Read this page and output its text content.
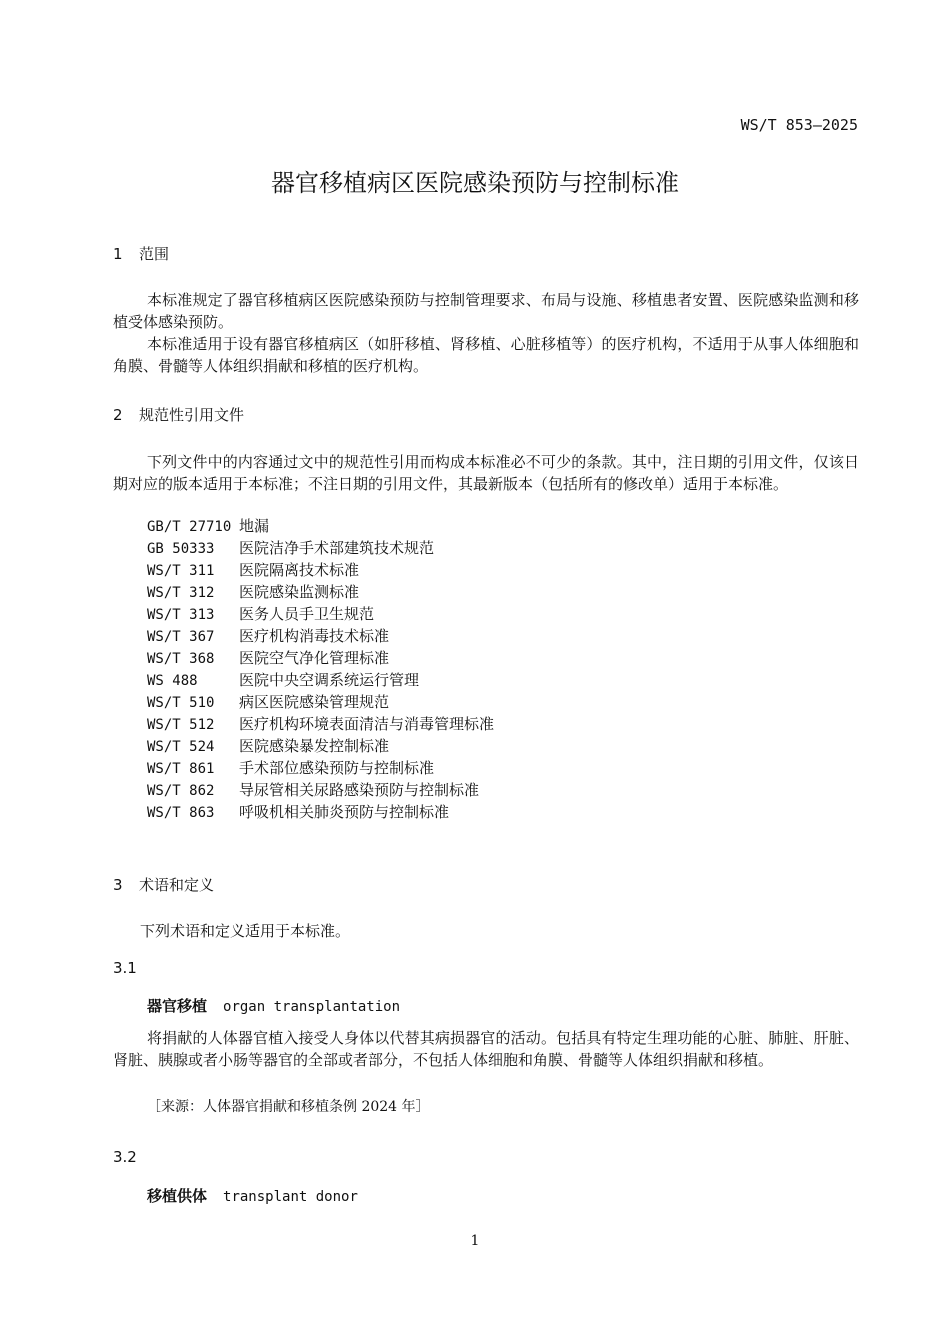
WS/T 853—2025
器官移植病区医院感染预防与控制标准
1 范围
本标准规定了器官移植病区医院感染预防与控制管理要求、布局与设施、移植患者安置、医院感染监测和移植受体感染预防。
本标准适用于设有器官移植病区（如肝移植、肾移植、心脏移植等）的医疗机构，不适用于从事人体细胞和角膜、骨髓等人体组织捐献和移植的医疗机构。
2 规范性引用文件
下列文件中的内容通过文中的规范性引用而构成本标准必不可少的条款。其中，注日期的引用文件，仅该日期对应的版本适用于本标准；不注日期的引用文件，其最新版本（包括所有的修改单）适用于本标准。
GB/T 27710 地漏
GB 50333 医院洁净手术部建筑技术规范
WS/T 311 医院隔离技术标准
WS/T 312 医院感染监测标准
WS/T 313 医务人员手卫生规范
WS/T 367 医疗机构消毒技术标准
WS/T 368 医院空气净化管理标准
WS 488	医院中央空调系统运行管理
WS/T 510 病区医院感染管理规范
WS/T 512 医疗机构环境表面清洁与消毒管理标准
WS/T 524 医院感染暴发控制标准
WS/T 861 手术部位感染预防与控制标准
WS/T 862 导尿管相关尿路感染预防与控制标准
WS/T 863 呼吸机相关肺炎预防与控制标准
3 术语和定义
下列术语和定义适用于本标准。
3.1
器官移植 organ transplantation
将捐献的人体器官植入接受人身体以代替其病损器官的活动。包括具有特定生理功能的心脏、肺脏、肝脏、肾脏、胰腺或者小肠等器官的全部或者部分，不包括人体细胞和角膜、骨髓等人体组织捐献和移植。
［来源：人体器官捐献和移植条例 2024 年］
3.2
移植供体 transplant donor
1
